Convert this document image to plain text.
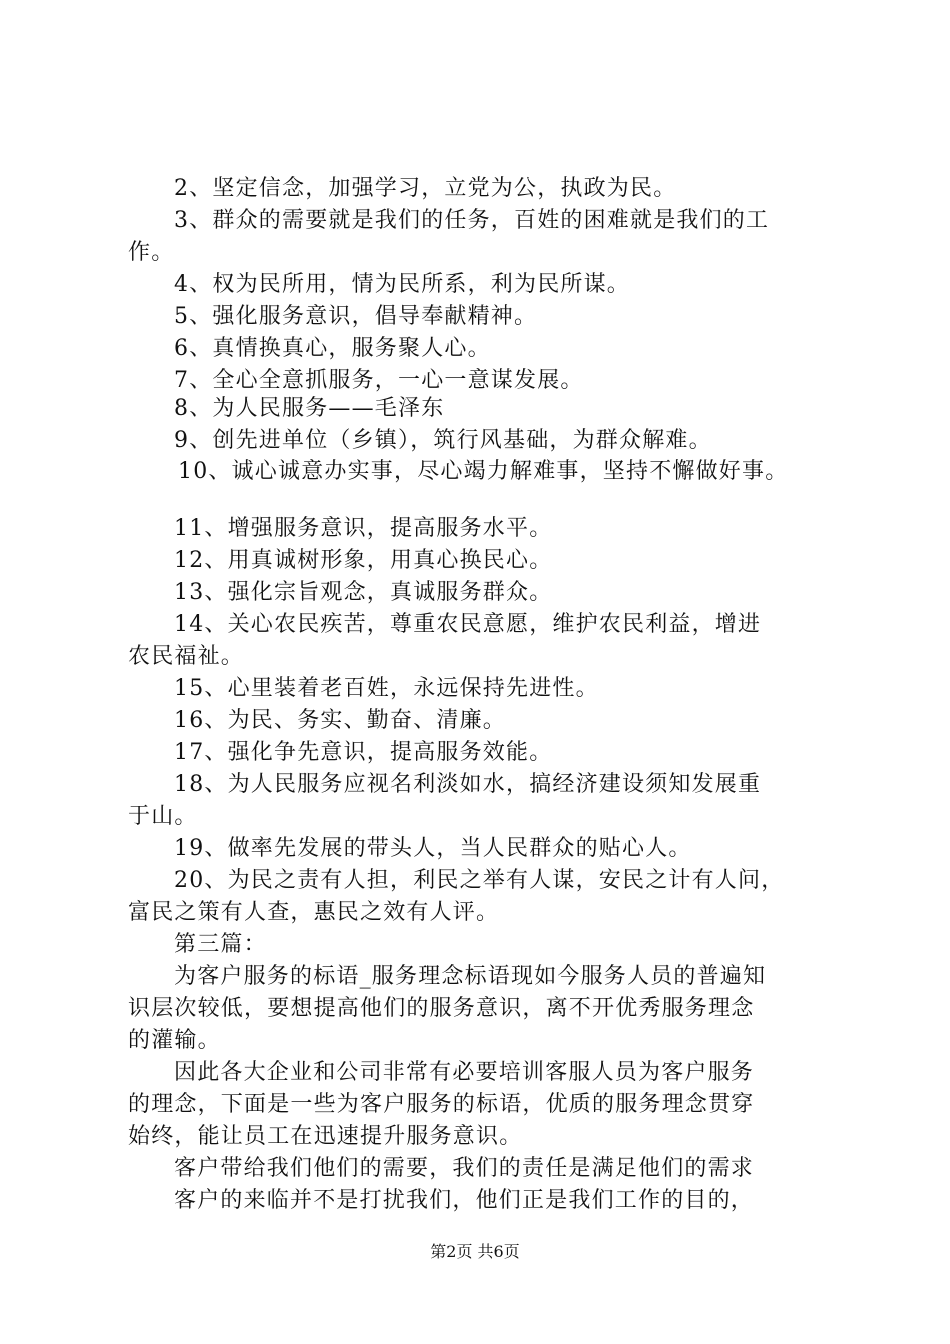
2、坚定信念，加强学习，立党为公，执政为民。
3、群众的需要就是我们的任务，百姓的困难就是我们的工
作。
4、权为民所用，情为民所系，利为民所谋。
5、强化服务意识，倡导奉献精神。
6、真情换真心，服务聚人心。
7、全心全意抓服务，一心一意谋发展。
8、为人民服务——毛泽东
9、创先进单位（乡镇），筑行风基础，为群众解难。
10、诚心诚意办实事，尽心竭力解难事，坚持不懈做好事。
11、增强服务意识，提高服务水平。
12、用真诚树形象，用真心换民心。
13、强化宗旨观念，真诚服务群众。
14、关心农民疾苦，尊重农民意愿，维护农民利益，增进
农民福祉。
15、心里装着老百姓，永远保持先进性。
16、为民、务实、勤奋、清廉。
17、强化争先意识，提高服务效能。
18、为人民服务应视名利淡如水，搞经济建设须知发展重
于山。
19、做率先发展的带头人，当人民群众的贴心人。
20、为民之责有人担，利民之举有人谋，安民之计有人问，
富民之策有人查，惠民之效有人评。
第三篇：
为客户服务的标语_服务理念标语现如今服务人员的普遍知
识层次较低，要想提高他们的服务意识，离不开优秀服务理念
的灌输。
因此各大企业和公司非常有必要培训客服人员为客户服务
的理念，下面是一些为客户服务的标语，优质的服务理念贯穿
始终，能让员工在迅速提升服务意识。
客户带给我们他们的需要，我们的责任是满足他们的需求
客户的来临并不是打扰我们，他们正是我们工作的目的，
第2页 共6页
